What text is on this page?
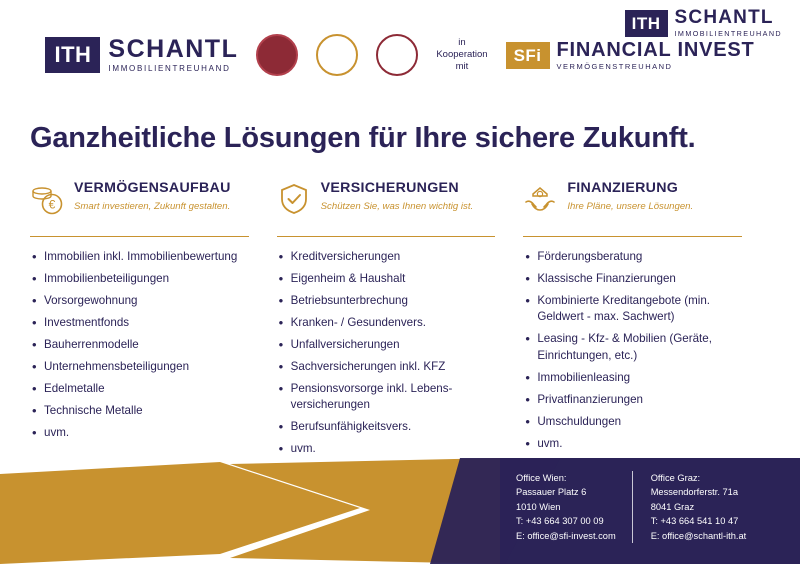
ITH SCHANTL
IMMOBILIENTREUHAND
ITH SCHANTL
IMMOBILIENTREUHAND
in
Kooperation
mit
SFi FINANCIAL INVEST
VERMÖGENSTREUHAND
Ganzheitliche Lösungen für Ihre sichere Zukunft.
€
VERMÖGENSAUFBAU
Smart investieren, Zukunft gestalten.
• Immobilien inkl. Immobilienbewertung
• Immobilienbeteiligungen
• Vorsorgewohnung
• Investmentfonds
• Bauherrenmodelle
• Unternehmensbeteiligungen
• Edelmetalle
• Technische Metalle
• uvm.
VERSICHERUNGEN
Schützen Sie, was Ihnen wichtig ist.
• Kreditversicherungen
• Eigenheim & Haushalt
• Betriebsunterbrechung
• Kranken- / Gesundenvers.
• Unfallversicherungen
• Sachversicherungen inkl. KFZ
• Pensionsvorsorge inkl. Lebens-versicherungen
• Berufsunfähigkeitsvers.
• uvm.
FINANZIERUNG
Ihre Pläne, unsere Lösungen.
• Förderungsberatung
• Klassische Finanzierungen
• Kombinierte Kreditangebote (min. Geldwert - max. Sachwert)
• Leasing - Kfz- & Mobilien (Geräte, Einrichtungen, etc.)
• Immobilienleasing
• Privatfinanzierungen
• Umschuldungen
• uvm.
Office Wien:
Passauer Platz 6
1010 Wien
T: +43 664 307 00 09
E: office@sfi-invest.com
Office Graz:
Messendorferstr. 71a
8041 Graz
T: +43 664 541 10 47
E: office@schantl-ith.at
